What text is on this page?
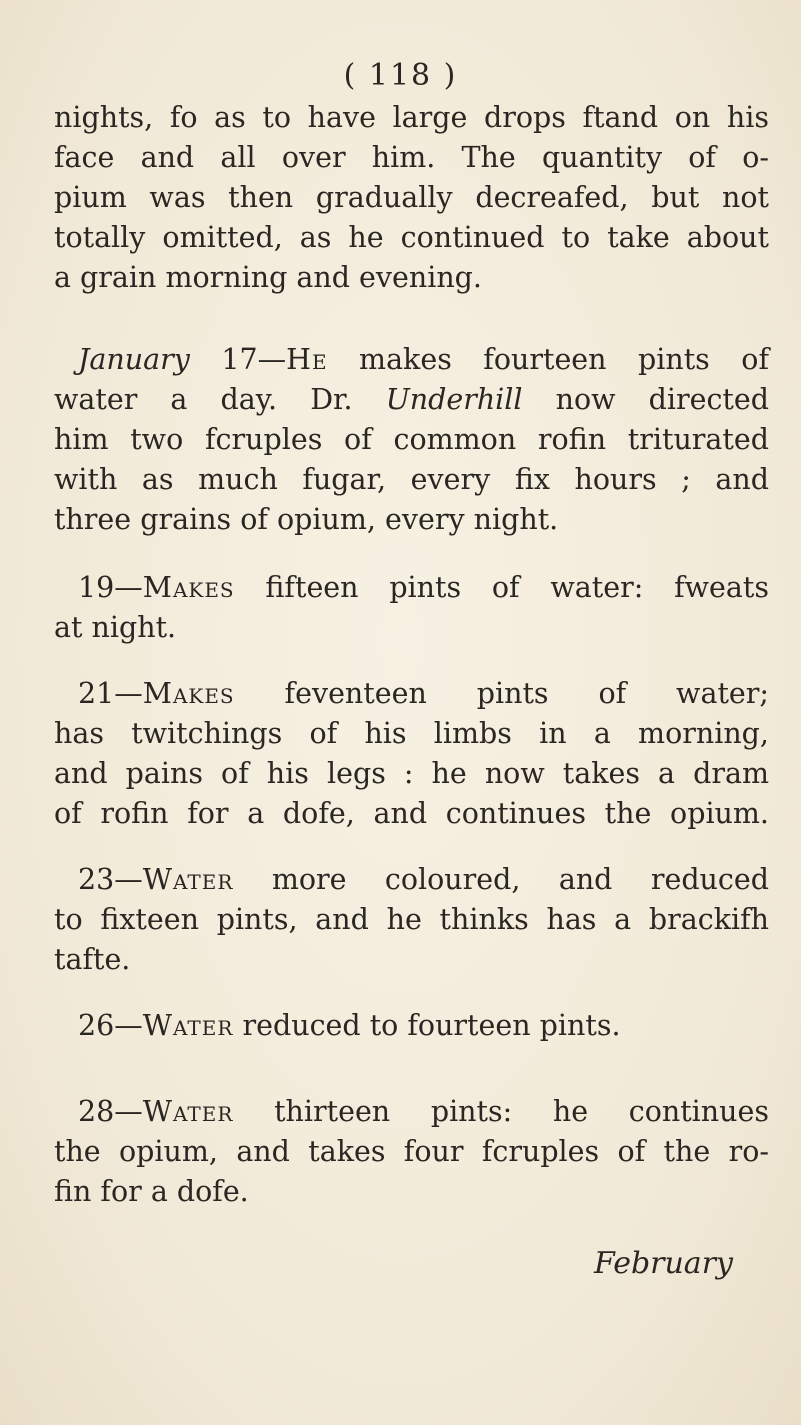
( 118 )
nights, fo as to have large drops ftand on his
face and all over him. The quantity of o-
pium was then gradually decreafed, but not
totally omitted, as he continued to take about
a grain morning and evening.
January 17—He makes fourteen pints of
water a day. Dr. Underhill now directed
him two fcruples of common rofin triturated
with as much fugar, every fix hours ; and
three grains of opium, every night.
19—Makes fifteen pints of water: fweats
at night.
21—Makes feventeen pints of water;
has twitchings of his limbs in a morning,
and pains of his legs : he now takes a dram
of rofin for a dofe, and continues the opium.
23—Water more coloured, and reduced
to fixteen pints, and he thinks has a brackifh
tafte.
26—Water reduced to fourteen pints.
28—Water thirteen pints: he continues
the opium, and takes four fcruples of the ro-
fin for a dofe.
February
